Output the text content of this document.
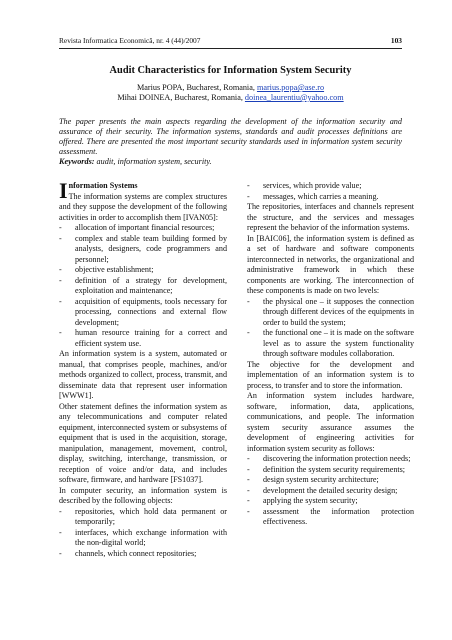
Revista Informatica Economică, nr. 4 (44)/2007	103
Audit Characteristics for Information System Security
Marius POPA, Bucharest, Romania, marius.popa@ase.ro
Mihai DOINEA, Bucharest, Romania, doinea_laurentiu@yahoo.com
The paper presents the main aspects regarding the development of the information security and assurance of their security. The information systems, standards and audit processes definitions are offered. There are presented the most important security standards used in information system security assessment.
Keywords: audit, information system, security.

Information Systems
The information systems are complex structures and they suppose the development of the following activities in order to accomplish them [IVAN05]:

- allocation of important financial resources;
- complex and stable team building formed by analysts, designers, code programmers and personnel;
- objective establishment;
- definition of a strategy for development, exploitation and maintenance;
- acquisition of equipments, tools necessary for processing, connections and external flow development;
- human resource training for a correct and efficient system use.

An information system is a system, automated or manual, that comprises people, machines, and/or methods organized to collect, process, transmit, and disseminate data that represent user information [WWW1].

Other statement defines the information system as any telecommunications and computer related equipment, interconnected system or subsystems of equipment that is used in the acquisition, storage, manipulation, management, movement, control, display, switching, interchange, transmission, or reception of voice and/or data, and includes software, firmware, and hardware [FS1037].

In computer security, an information system is described by the following objects:

- repositories, which hold data permanent or temporarily;
- interfaces, which exchange information with the non-digital world;
- channels, which connect repositories;
- services, which provide value;
- messages, which carries a meaning.

The repositories, interfaces and channels represent the structure, and the services and messages represent the behavior of the information systems.

In [BAIC06], the information system is defined as a set of hardware and software components interconnected in networks, the organizational and administrative framework in which these components are working. The interconnection of these components is made on two levels:

- the physical one – it supposes the connection through different devices of the equipments in order to build the system;
- the functional one – it is made on the software level as to assure the system functionality through software modules collaboration.

The objective for the development and implementation of an information system is to process, to transfer and to store the information.

An information system includes hardware, software, information, data, applications, communications, and people. The information system security assurance assumes the development of engineering activities for information system security as follows:

- discovering the information protection needs;
- definition the system security requirements;
- design system security architecture;
- development the detailed security design;
- applying the system security;
- assessment the information protection effectiveness.
